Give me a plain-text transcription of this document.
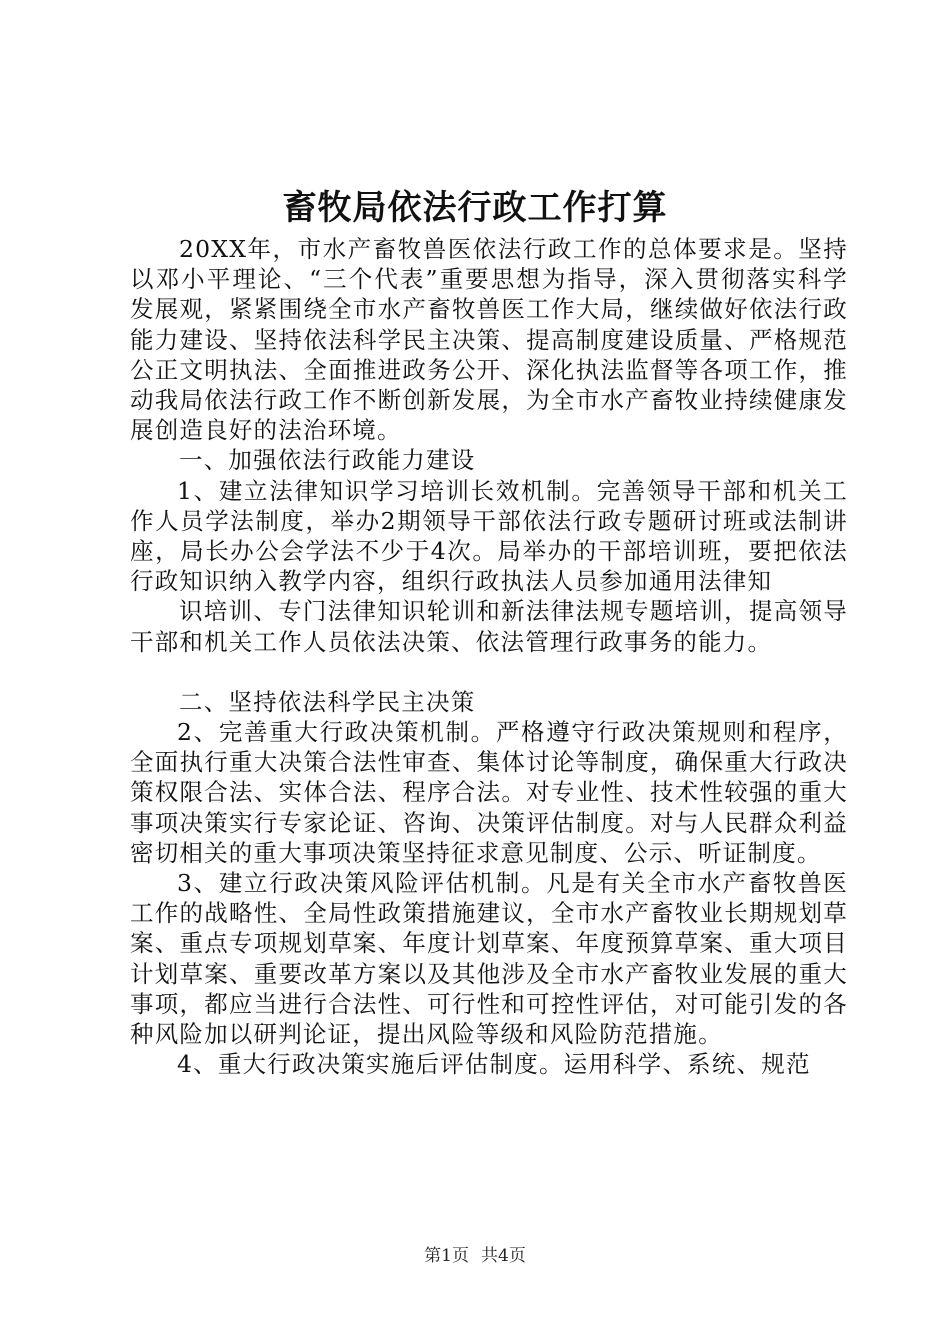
畜牧局依法行政工作打算

20XX年，市水产畜牧兽医依法行政工作的总体要求是。坚持以邓小平理论、“三个代表”重要思想为指导，深入贯彻落实科学发展观，紧紧围绕全市水产畜牧兽医工作大局，继续做好依法行政能力建设、坚持依法科学民主决策、提高制度建设质量、严格规范公正文明执法、全面推进政务公开、深化执法监督等各项工作，推动我局依法行政工作不断创新发展，为全市水产畜牧业持续健康发展创造良好的法治环境。

一、加强依法行政能力建设

1、建立法律知识学习培训长效机制。完善领导干部和机关工作人员学法制度，举办2期领导干部依法行政专题研讨班或法制讲座，局长办公会学法不少于4次。局举办的干部培训班，要把依法行政知识纳入教学内容，组织行政执法人员参加通用法律知

识培训、专门法律知识轮训和新法律法规专题培训，提高领导干部和机关工作人员依法决策、依法管理行政事务的能力。

二、坚持依法科学民主决策

2、完善重大行政决策机制。严格遵守行政决策规则和程序，全面执行重大决策合法性审查、集体讨论等制度，确保重大行政决策权限合法、实体合法、程序合法。对专业性、技术性较强的重大事项决策实行专家论证、咨询、决策评估制度。对与人民群众利益密切相关的重大事项决策坚持征求意见制度、公示、听证制度。

3、建立行政决策风险评估机制。凡是有关全市水产畜牧兽医工作的战略性、全局性政策措施建议，全市水产畜牧业长期规划草案、重点专项规划草案、年度计划草案、年度预算草案、重大项目计划草案、重要改革方案以及其他涉及全市水产畜牧业发展的重大事项，都应当进行合法性、可行性和可控性评估，对可能引发的各种风险加以研判论证，提出风险等级和风险防范措施。

4、重大行政决策实施后评估制度。运用科学、系统、规范

第1页 共4页
